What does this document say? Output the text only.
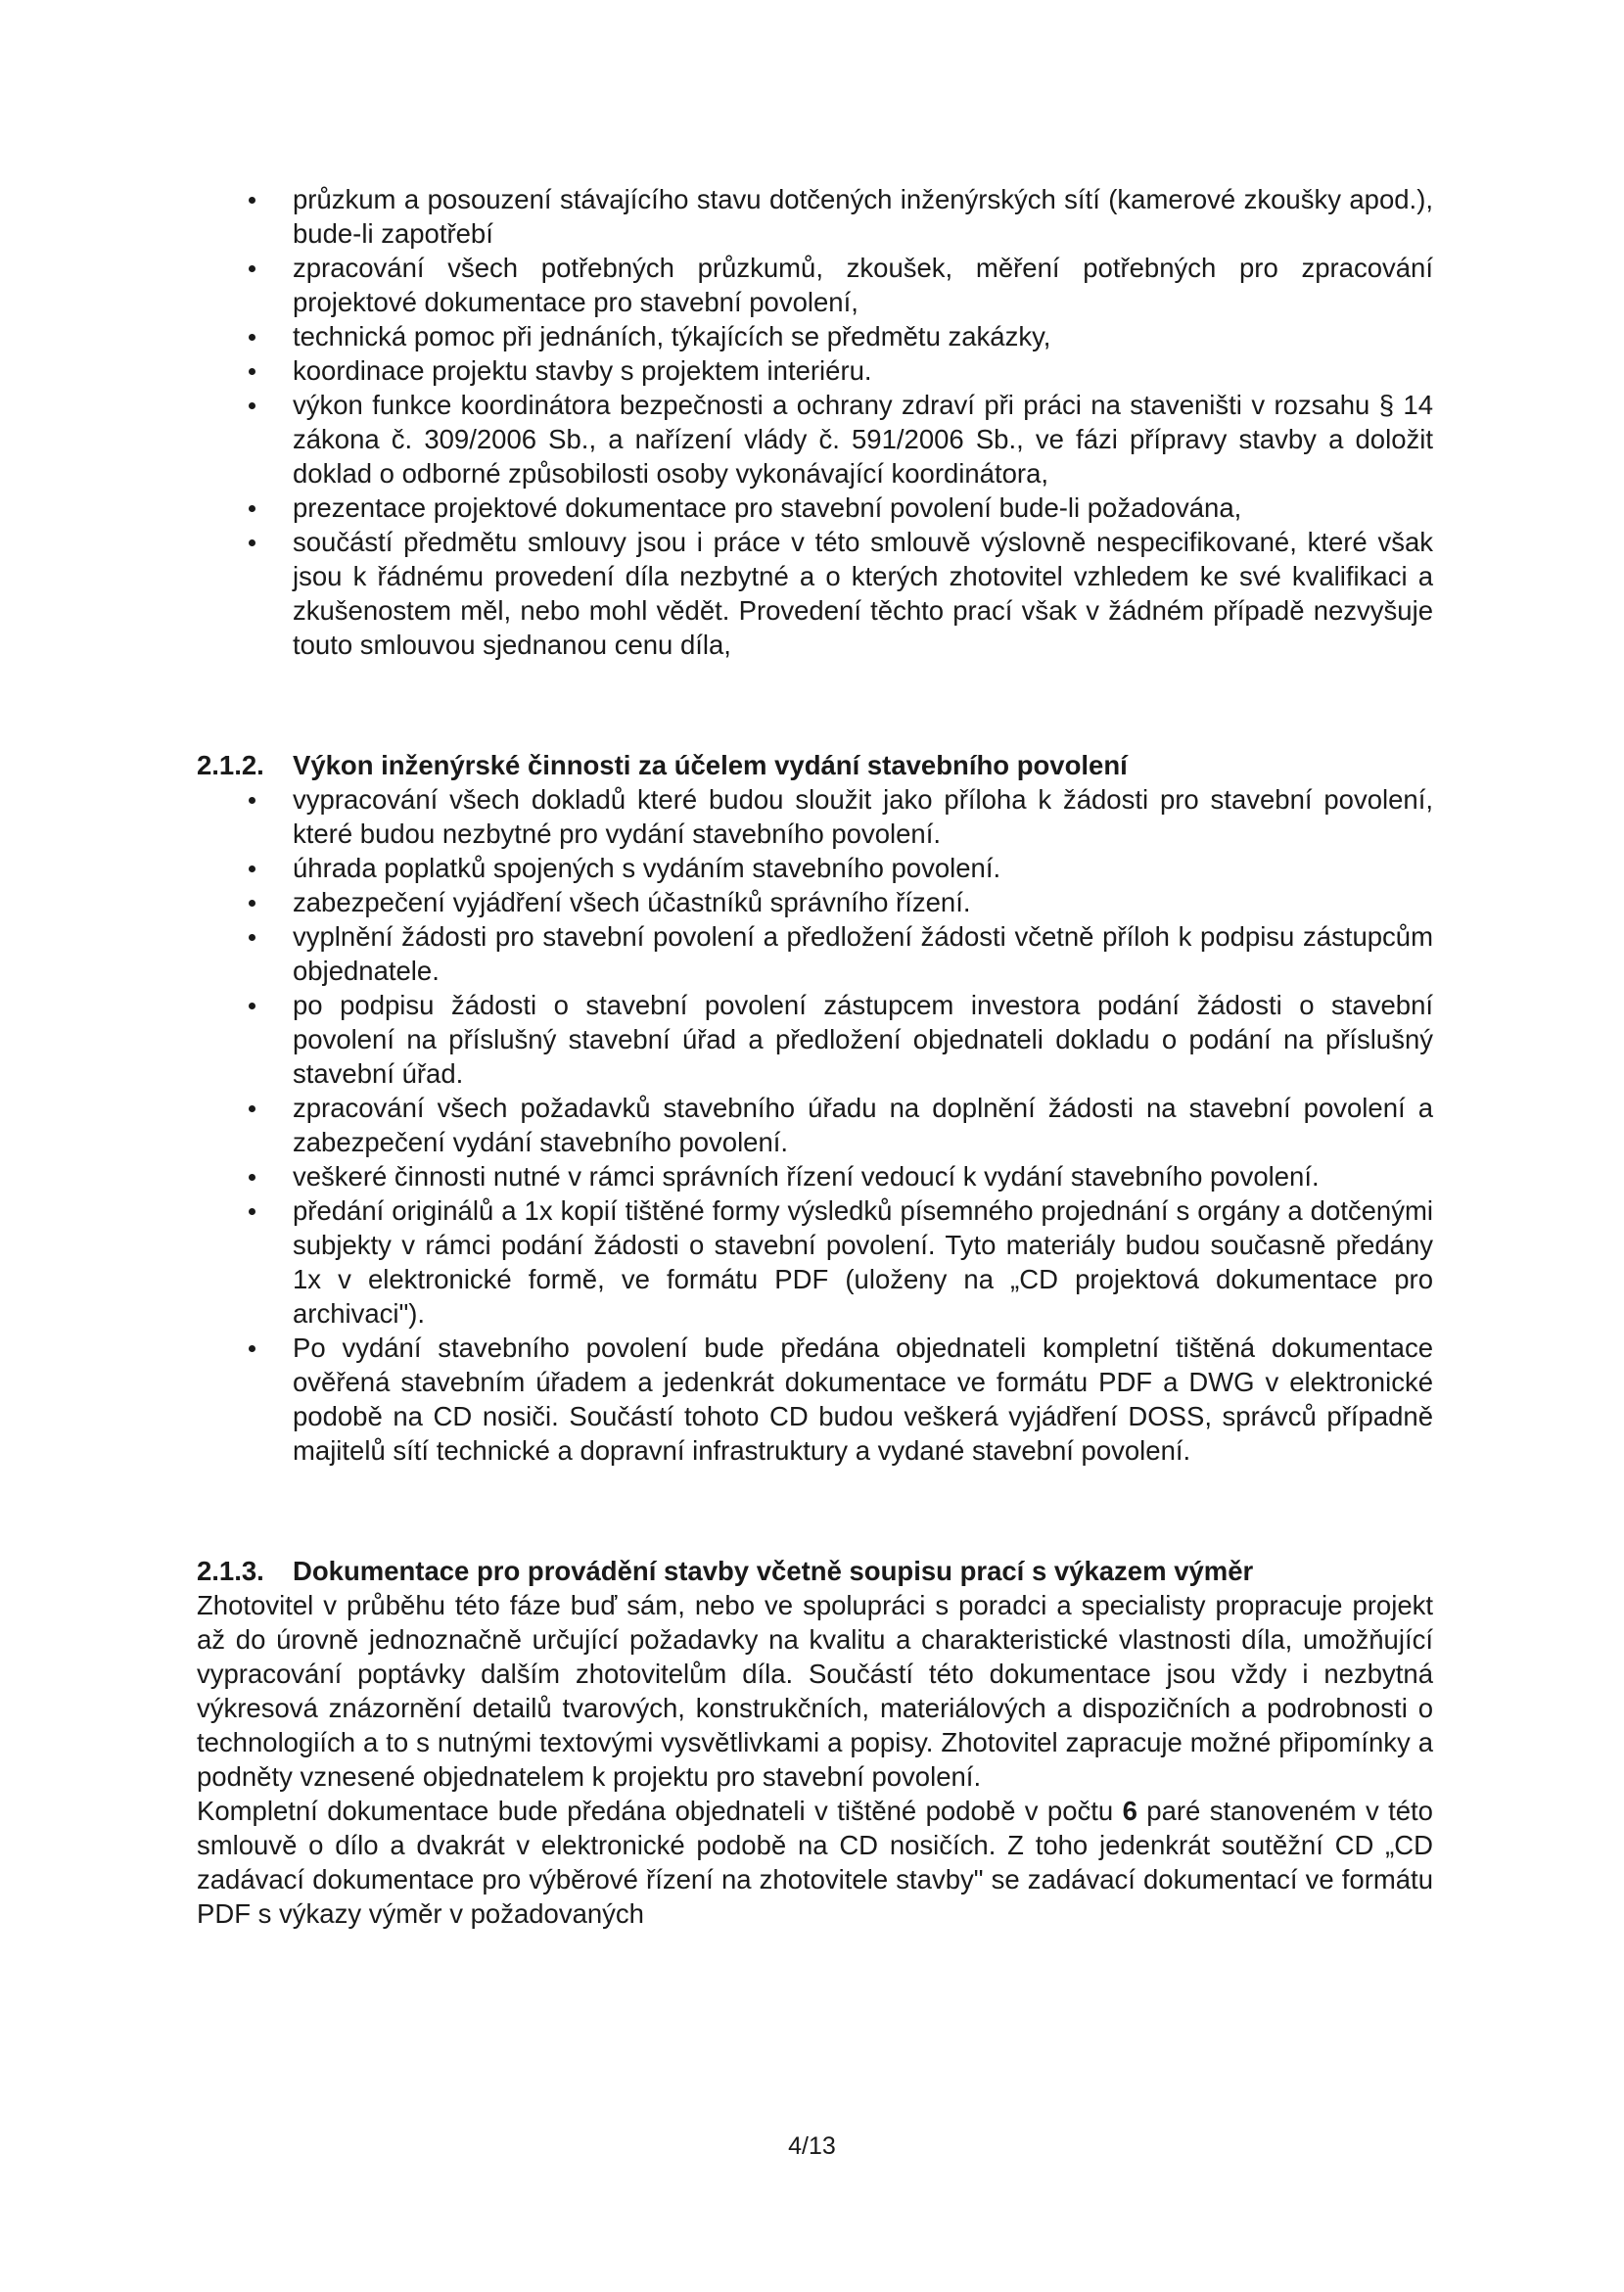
průzkum a posouzení stávajícího stavu dotčených inženýrských sítí (kamerové zkoušky apod.), bude-li zapotřebí
zpracování všech potřebných průzkumů, zkoušek, měření potřebných pro zpracování projektové dokumentace pro stavební povolení,
technická pomoc při jednáních, týkajících se předmětu zakázky,
koordinace projektu stavby s projektem interiéru.
výkon funkce koordinátora bezpečnosti a ochrany zdraví při práci na staveništi v rozsahu § 14 zákona č. 309/2006 Sb., a nařízení vlády č. 591/2006 Sb., ve fázi přípravy stavby a doložit doklad o odborné způsobilosti osoby vykonávající koordinátora,
prezentace projektové dokumentace pro stavební povolení bude-li požadována,
součástí předmětu smlouvy jsou i práce v této smlouvě výslovně nespecifikované, které však jsou k řádnému provedení díla nezbytné a o kterých zhotovitel vzhledem ke své kvalifikaci a zkušenostem měl, nebo mohl vědět. Provedení těchto prací však v žádném případě nezvyšuje touto smlouvou sjednanou cenu díla,
2.1.2. Výkon inženýrské činnosti za účelem vydání stavebního povolení
vypracování všech dokladů které budou sloužit jako příloha k žádosti pro stavební povolení, které budou nezbytné pro vydání stavebního povolení.
úhrada poplatků spojených s vydáním stavebního povolení.
zabezpečení vyjádření všech účastníků správního řízení.
vyplnění žádosti pro stavební povolení a předložení žádosti včetně příloh k podpisu zástupcům objednatele.
po podpisu žádosti o stavební povolení zástupcem investora podání žádosti o stavební povolení na příslušný stavební úřad a předložení objednateli dokladu o podání na příslušný stavební úřad.
zpracování všech požadavků stavebního úřadu na doplnění žádosti na stavební povolení a zabezpečení vydání stavebního povolení.
veškeré činnosti nutné v rámci správních řízení vedoucí k vydání stavebního povolení.
předání originálů a 1x kopií tištěné formy výsledků písemného projednání s orgány a dotčenými subjekty v rámci podání žádosti o stavební povolení. Tyto materiály budou současně předány 1x v elektronické formě, ve formátu PDF (uloženy na „CD projektová dokumentace pro archivaci").
Po vydání stavebního povolení bude předána objednateli kompletní tištěná dokumentace ověřená stavebním úřadem a jedenkrát dokumentace ve formátu PDF a DWG v elektronické podobě na CD nosiči. Součástí tohoto CD budou veškerá vyjádření DOSS, správců případně majitelů sítí technické a dopravní infrastruktury a vydané stavební povolení.
2.1.3. Dokumentace pro provádění stavby včetně soupisu prací s výkazem výměr

Zhotovitel v průběhu této fáze buď sám, nebo ve spolupráci s poradci a specialisty propracuje projekt až do úrovně jednoznačně určující požadavky na kvalitu a charakteristické vlastnosti díla, umožňující vypracování poptávky dalším zhotovitelům díla. Součástí této dokumentace jsou vždy i nezbytná výkresová znázornění detailů tvarových, konstrukčních, materiálových a dispozičních a podrobnosti o technologiích a to s nutnými textovými vysvětlivkami a popisy. Zhotovitel zapracuje možné připomínky a podněty vznesené objednatelem k projektu pro stavební povolení.

Kompletní dokumentace bude předána objednateli v tištěné podobě v počtu 6 paré stanoveném v této smlouvě o dílo a dvakrát v elektronické podobě na CD nosičích. Z toho jedenkrát soutěžní CD „CD zadávací dokumentace pro výběrové řízení na zhotovitele stavby" se zadávací dokumentací ve formátu PDF s výkazy výměr v požadovaných

4/13
